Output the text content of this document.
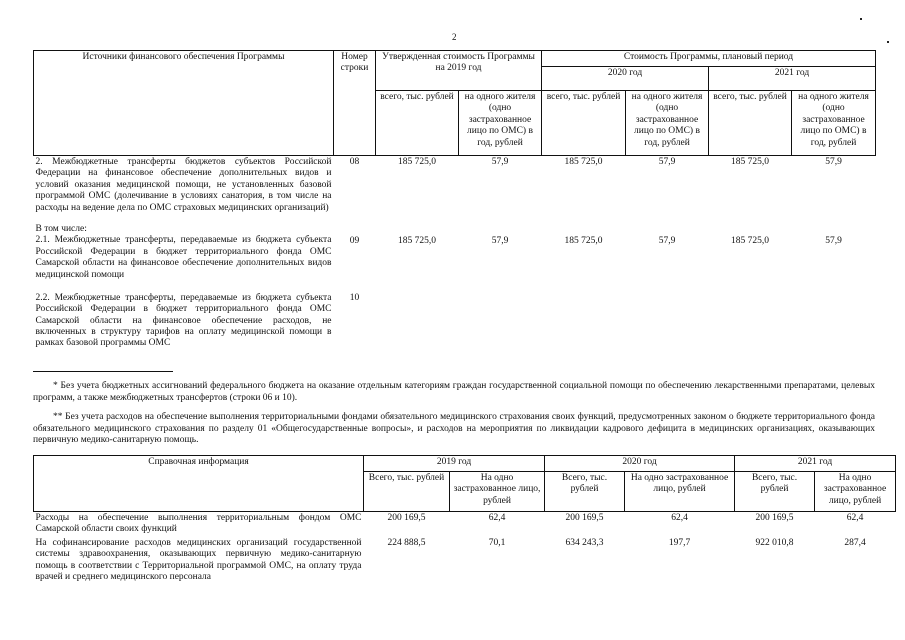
2
Источники финансового обеспечения Программы	Номер строки	Утвержденная стоимость Программы на 2019 год		Стоимость Программы, плановый период			
				2020 год		2021 год	
		всего, тыс. рублей	на одного жителя (одно застрахованное лицо по ОМС) в год, рублей	всего, тыс. рублей	на одного жителя (одно застрахованное лицо по ОМС) в год, рублей	всего, тыс. рублей	на одного жителя (одно застрахованное лицо по ОМС) в год, рублей
2. Межбюджетные трансферты бюджетов субъектов Российской Федерации на финансовое обеспечение дополнительных видов и условий оказания медицинской помощи, не установленных базовой программой ОМС (долечивание в условиях санатория, в том числе на расходы на ведение дела по ОМС страховых медицинских организаций)	08	185 725,0	57,9	185 725,0	57,9	185 725,0	57,9

В том числе:
2.1. Межбюджетные трансферты, передаваемые из бюджета субъекта Российской Федерации в бюджет территориального фонда ОМС Самарской области на финансовое обеспечение дополнительных видов медицинской помощи	09	185 725,0	57,9	185 725,0	57,9	185 725,0	57,9

2.2. Межбюджетные трансферты, передаваемые из бюджета субъекта Российской Федерации в бюджет территориального фонда ОМС Самарской области на финансовое обеспечение расходов, не включенных в структуру тарифов на оплату медицинской помощи в рамках базовой программы ОМС	10						
* Без учета бюджетных ассигнований федерального бюджета на оказание отдельным категориям граждан государственной социальной помощи по обеспечению лекарственными препаратами, целевых программ, а также межбюджетных трансфертов (строки 06 и 10).
** Без учета расходов на обеспечение выполнения территориальными фондами обязательного медицинского страхования своих функций, предусмотренных законом о бюджете территориального фонда обязательного медицинского страхования по разделу 01 «Общегосударственные вопросы», и расходов на мероприятия по ликвидации кадрового дефицита в медицинских организациях, оказывающих первичную медико-санитарную помощь.
Справочная информация	2019 год		2020 год		2021 год	
	Всего, тыс. рублей	На одно застрахованное лицо, рублей	Всего, тыс. рублей	На одно застрахованное лицо, рублей	Всего, тыс. рублей	На одно застрахованное лицо, рублей
Расходы на обеспечение выполнения территориальным фондом ОМС Самарской области своих функций	200 169,5	62,4	200 169,5	62,4	200 169,5	62,4
На софинансирование расходов медицинских организаций государственной системы здравоохранения, оказывающих первичную медико-санитарную помощь в соответствии с Территориальной программой ОМС, на оплату труда врачей и среднего медицинского персонала	224 888,5	70,1	634 243,3	197,7	922 010,8	287,4
